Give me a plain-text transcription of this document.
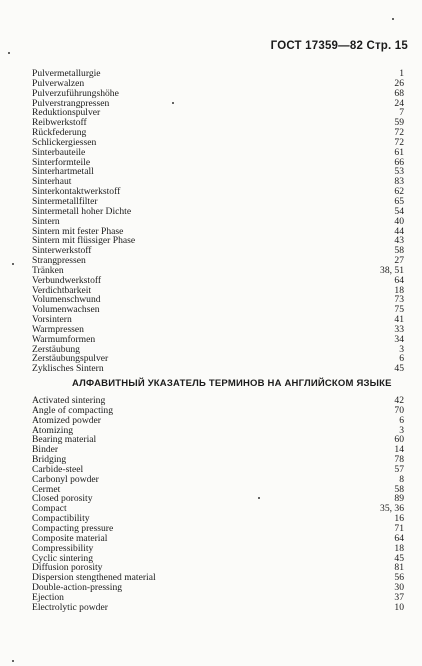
ГОСТ 17359—82 Стр. 15
Pulvermetallurgie	1
Pulverwalzen	26
Pulverzuführungshöhe	68
Pulverstrangpressen	24
Reduktionspulver	7
Reibwerkstoff	59
Rückfederung	72
Schlickergiessen	72
Sinterbauteile	61
Sinterformteile	66
Sinterhartmetall	53
Sinterhaut	83
Sinterkontaktwerkstoff	62
Sintermetallfilter	65
Sintermetall hoher Dichte	54
Sintern	40
Sintern mit fester Phase	44
Sintern mit flüssiger Phase	43
Sinterwerkstoff	58
Strangpressen	27
Tränken	38, 51
Verbundwerkstoff	64
Verdichtbarkeit	18
Volumenschwund	73
Volumenwachsen	75
Vorsintern	41
Warmpressen	33
Warmumformen	34
Zerstäubung	3
Zerstäubungspulver	6
Zyklisches Sintern	45
АЛФАВИТНЫЙ УКАЗАТЕЛЬ ТЕРМИНОВ НА АНГЛИЙСКОМ ЯЗЫКЕ
Activated sintering	42
Angle of compacting	70
Atomized powder	6
Atomizing	3
Bearing material	60
Binder	14
Bridging	78
Carbide-steel	57
Carbonyl powder	8
Cermet	58
Closed porosity	89
Compact	35, 36
Compactibility	16
Compacting pressure	71
Composite material	64
Compressibility	18
Cyclic sintering	45
Diffusion porosity	81
Dispersion stengthened material	56
Double-action-pressing	30
Ejection	37
Electrolytic powder	10
